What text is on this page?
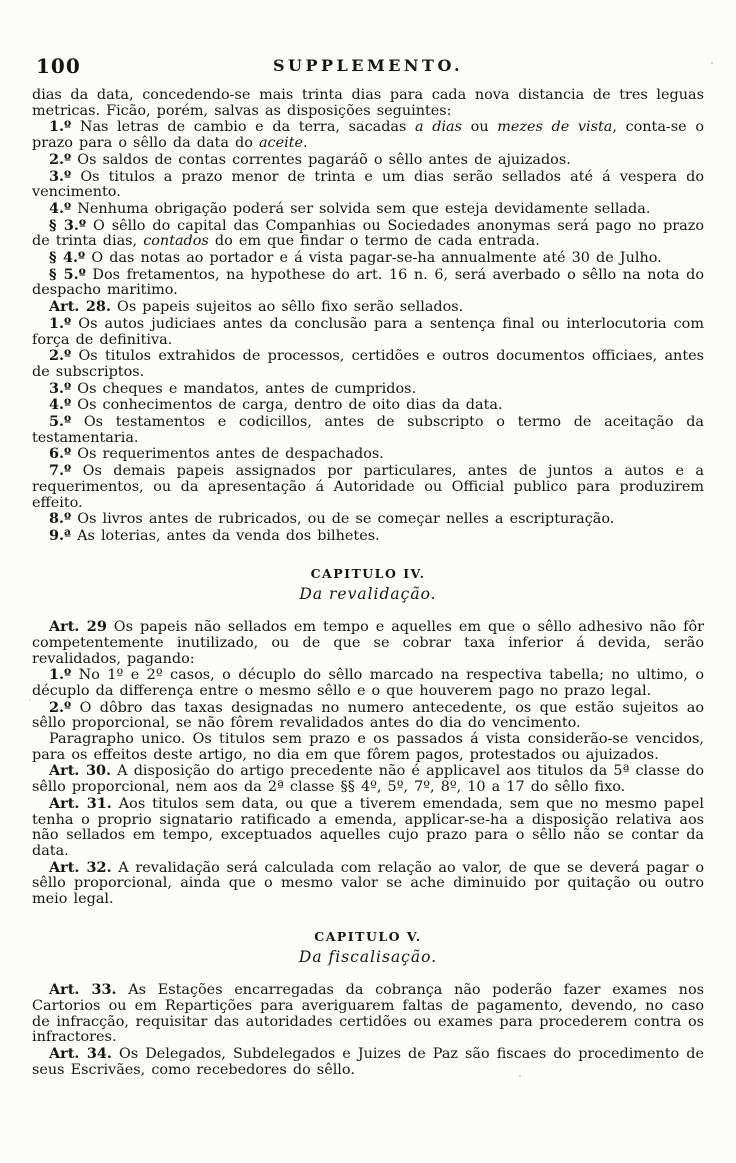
100	SUPPLEMENTO.

dias da data, concedendo-se mais trinta dias para cada nova distancia de tres leguas metricas. Ficão, porém, salvas as disposições seguintes:

1.º Nas letras de cambio e da terra, sacadas a dias ou mezes de vista, conta-se o prazo para o sêllo da data do aceite.

2.º Os saldos de contas correntes pagaráõ o sêllo antes de ajuizados.

3.º Os titulos a prazo menor de trinta e um dias serão sellados até á vespera do vencimento.

4.º Nenhuma obrigação poderá ser solvida sem que esteja devidamente sellada.

§ 3.º O sêllo do capital das Companhias ou Sociedades anonymas será pago no prazo de trinta dias, contados do em que findar o termo de cada entrada.

§ 4.º O das notas ao portador e á vista pagar-se-ha annualmente até 30 de Julho.

§ 5.º Dos fretamentos, na hypothese do art. 16 n. 6, será averbado o sêllo na nota do despacho maritimo.

Art. 28. Os papeis sujeitos ao sêllo fixo serão sellados.

1.º Os autos judiciaes antes da conclusão para a sentença final ou interlocutoria com força de definitiva.

2.º Os titulos extrahidos de processos, certidões e outros documentos officiaes, antes de subscriptos.

3.º Os cheques e mandatos, antes de cumpridos.

4.º Os conhecimentos de carga, dentro de oito dias da data.

5.º Os testamentos e codicillos, antes de subscripto o termo de aceitação da testamentaria.

6.º Os requerimentos antes de despachados.

7.º Os demais papeis assignados por particulares, antes de juntos a autos e a requerimentos, ou da apresentação á Autoridade ou Official publico para produzirem effeito.

8.º Os livros antes de rubricados, ou de se começar nelles a escripturação.

9.ª As loterias, antes da venda dos bilhetes.

CAPITULO IV.
Da revalidação.

Art. 29 Os papeis não sellados em tempo e aquelles em que o sêllo adhesivo não fôr competentemente inutilizado, ou de que se cobrar taxa inferior á devida, serão revalidados, pagando:

1.º No 1º e 2º casos, o décuplo do sêllo marcado na respectiva tabella; no ultimo, o décuplo da differença entre o mesmo sêllo e o que houverem pago no prazo legal.

2.º O dôbro das taxas designadas no numero antecedente, os que estão sujeitos ao sêllo proporcional, se não fôrem revalidados antes do dia do vencimento.

Paragrapho unico. Os titulos sem prazo e os passados á vista considerão-se vencidos, para os effeitos deste artigo, no dia em que fôrem pagos, protestados ou ajuizados.

Art. 30. A disposição do artigo precedente não é applicavel aos titulos da 5ª classe do sêllo proporcional, nem aos da 2ª classe §§ 4º, 5º, 7º, 8º, 10 a 17 do sêllo fixo.

Art. 31. Aos titulos sem data, ou que a tiverem emendada, sem que no mesmo papel tenha o proprio signatario ratificado a emenda, applicar-se-ha a disposição relativa aos não sellados em tempo, exceptuados aquelles cujo prazo para o sêllo não se contar da data.

Art. 32. A revalidação será calculada com relação ao valor, de que se deverá pagar o sêllo proporcional, ainda que o mesmo valor se ache diminuido por quitação ou outro meio legal.

CAPITULO V.
Da fiscalisação.

Art. 33. As Estações encarregadas da cobrança não poderão fazer exames nos Cartorios ou em Repartições para averiguarem faltas de pagamento, devendo, no caso de infracção, requisitar das autoridades certidões ou exames para procederem contra os infractores.

Art. 34. Os Delegados, Subdelegados e Juizes de Paz são fiscaes do procedimento de seus Escrivães, como recebedores do sêllo.
